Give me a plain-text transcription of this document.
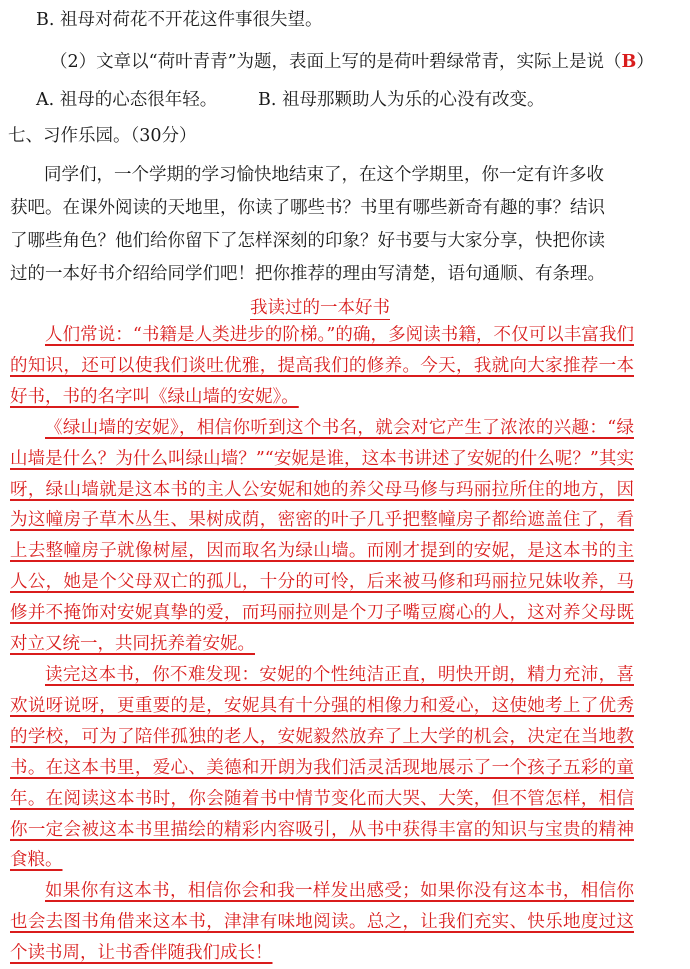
B. 祖母对荷花不开花这件事很失望。
（2）文章以“荷叶青青”为题，表面上写的是荷叶碧绿常青，实际上是说（B）
A. 祖母的心态很年轻。	B. 祖母那颗助人为乐的心没有改变。
七、习作乐园。（30分）
同学们，一个学期的学习愉快地结束了，在这个学期里，你一定有许多收
获吧。在课外阅读的天地里，你读了哪些书？书里有哪些新奇有趣的事？结识
了哪些角色？他们给你留下了怎样深刻的印象？好书要与大家分享，快把你读
过的一本好书介绍给同学们吧！把你推荐的理由写清楚，语句通顺、有条理。
我读过的一本好书

人们常说：“书籍是人类进步的阶梯。”的确，多阅读书籍，不仅可以丰富我们的知识，还可以使我们谈吐优雅，提高我们的修养。今天，我就向大家推荐一本好书，书的名字叫《绿山墙的安妮》。

《绿山墙的安妮》，相信你听到这个书名，就会对它产生了浓浓的兴趣：“绿山墙是什么？为什么叫绿山墙？”“安妮是谁，这本书讲述了安妮的什么呢？”其实呀，绿山墙就是这本书的主人公安妮和她的养父母马修与玛丽拉所住的地方，因为这幢房子草木丛生、果树成荫，密密的叶子几乎把整幢房子都给遮盖住了，看上去整幢房子就像树屋，因而取名为绿山墙。而刚才提到的安妮，是这本书的主人公，她是个父母双亡的孤儿，十分的可怜，后来被马修和玛丽拉兄妹收养，马修并不掩饰对安妮真挚的爱，而玛丽拉则是个刀子嘴豆腐心的人，这对养父母既对立又统一，共同抚养着安妮。

读完这本书，你不难发现：安妮的个性纯洁正直，明快开朗，精力充沛，喜欢说呀说呀，更重要的是，安妮具有十分强的相像力和爱心，这使她考上了优秀的学校，可为了陪伴孤独的老人，安妮毅然放弃了上大学的机会，决定在当地教书。在这本书里，爱心、美德和开朗为我们活灵活现地展示了一个孩子五彩的童年。在阅读这本书时，你会随着书中情节变化而大哭、大笑，但不管怎样，相信你一定会被这本书里描绘的精彩内容吸引，从书中获得丰富的知识与宝贵的精神食粮。

如果你有这本书，相信你会和我一样发出感受；如果你没有这本书，相信你也会去图书角借来这本书，津津有味地阅读。总之，让我们充实、快乐地度过这个读书周，让书香伴随我们成长！
